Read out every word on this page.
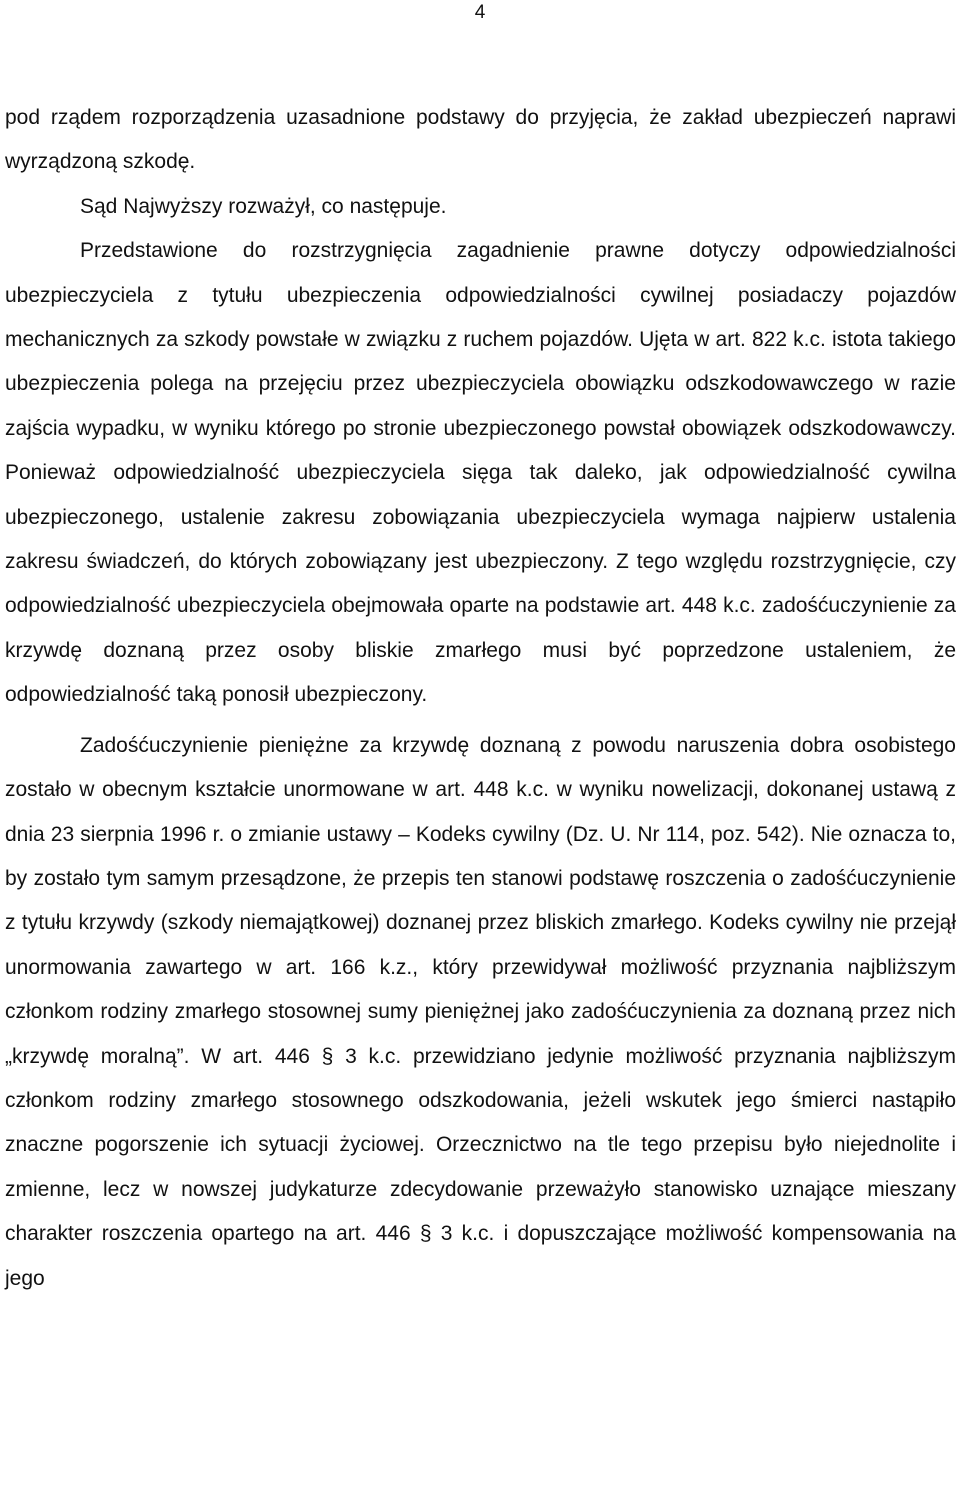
4

pod rządem rozporządzenia uzasadnione podstawy do przyjęcia, że zakład ubezpieczeń naprawi wyrządzoną szkodę.

Sąd Najwyższy rozważył, co następuje.

Przedstawione do rozstrzygnięcia zagadnienie prawne dotyczy odpowiedzialności ubezpieczyciela z tytułu ubezpieczenia odpowiedzialności cywilnej posiadaczy pojazdów mechanicznych za szkody powstałe w związku z ruchem pojazdów. Ujęta w art. 822 k.c. istota takiego ubezpieczenia polega na przejęciu przez ubezpieczyciela obowiązku odszkodowawczego w razie zajścia wypadku, w wyniku którego po stronie ubezpieczonego powstał obowiązek odszkodowawczy. Ponieważ odpowiedzialność ubezpieczyciela sięga tak daleko, jak odpowiedzialność cywilna ubezpieczonego, ustalenie zakresu zobowiązania ubezpieczyciela wymaga najpierw ustalenia zakresu świadczeń, do których zobowiązany jest ubezpieczony. Z tego względu rozstrzygnięcie, czy odpowiedzialność ubezpieczyciela obejmowała oparte na podstawie art. 448 k.c. zadośćuczynienie za krzywdę doznaną przez osoby bliskie zmarłego musi być poprzedzone ustaleniem, że odpowiedzialność taką ponosił ubezpieczony.

Zadośćuczynienie pieniężne za krzywdę doznaną z powodu naruszenia dobra osobistego zostało w obecnym kształcie unormowane w art. 448 k.c. w wyniku nowelizacji, dokonanej ustawą z dnia 23 sierpnia 1996 r. o zmianie ustawy – Kodeks cywilny (Dz. U. Nr 114, poz. 542). Nie oznacza to, by zostało tym samym przesądzone, że przepis ten stanowi podstawę roszczenia o zadośćuczynienie z tytułu krzywdy (szkody niemajątkowej) doznanej przez bliskich zmarłego. Kodeks cywilny nie przejął unormowania zawartego w art. 166 k.z., który przewidywał możliwość przyznania najbliższym członkom rodziny zmarłego stosownej sumy pieniężnej jako zadośćuczynienia za doznaną przez nich „krzywdę moralną”. W art. 446 § 3 k.c. przewidziano jedynie możliwość przyznania najbliższym członkom rodziny zmarłego stosownego odszkodowania, jeżeli wskutek jego śmierci nastąpiło znaczne pogorszenie ich sytuacji życiowej. Orzecznictwo na tle tego przepisu było niejednolite i zmienne, lecz w nowszej judykaturze zdecydowanie przeważyło stanowisko uznające mieszany charakter roszczenia opartego na art. 446 § 3 k.c. i dopuszczające możliwość kompensowania na jego
